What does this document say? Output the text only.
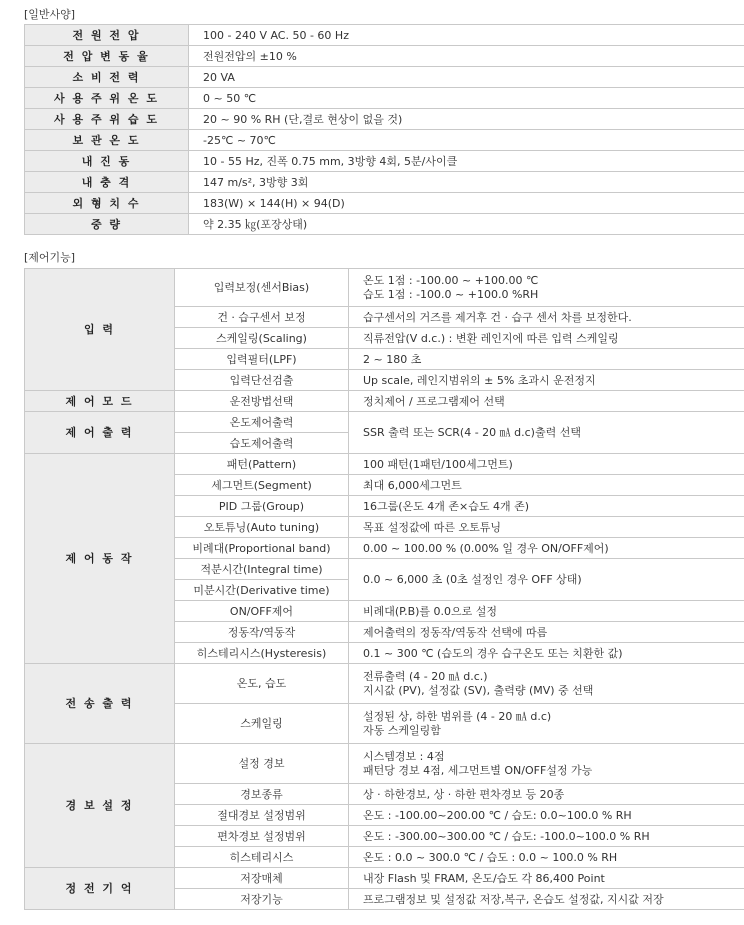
[일반사양]
전 원 전 압	100 - 240 V AC. 50 - 60 Hz
전 압 변 동 율	전원전압의 ±10 %
소 비 전 력	20 VA
사 용 주 위 온 도	0 ~ 50 ℃
사 용 주 위 습 도	20 ~ 90 % RH (단,결로 현상이 없을 것)
보 관 온 도	-25℃ ~ 70℃
내 진 동	10 - 55 Hz, 진폭 0.75 mm, 3방향 4회, 5분/사이클
내 충 격	147 m/s², 3방향 3회
외 형 치 수	183(W) × 144(H) × 94(D)
중 량	약 2.35 ㎏(포장상태)
[제어기능]
입 력	입력보정(센서Bias)	온도 1점 : -100.00 ~ +100.00 ℃
습도 1점 : -100.0 ~ +100.0 %RH
	건 · 습구센서 보정	습구센서의 거즈를 제거후 건 · 습구 센서 차를 보정한다.
	스케일링(Scaling)	직류전압(V d.c.) : 변환 레인지에 따른 입력 스케일링
	입력필터(LPF)	2 ~ 180 초
	입력단선검출	Up scale, 레인지범위의 ± 5% 초과시 운전정지
제 어 모 드	운전방법선택	정치제어 / 프로그램제어 선택
제 어 출 력	온도제어출력	SSR 출력 또는 SCR(4 - 20 ㎃ d.c)출력 선택
	습도제어출력	
제 어 동 작	패턴(Pattern)	100 패턴(1패턴/100세그먼트)
	세그먼트(Segment)	최대 6,000세그먼트
	PID 그룹(Group)	16그룹(온도 4개 존×습도 4개 존)
	오토튜닝(Auto tuning)	목표 설정값에 따른 오토튜닝
	비례대(Proportional band)	0.00 ~ 100.00 % (0.00% 일 경우 ON/OFF제어)
	적분시간(Integral time)	0.0 ~ 6,000 초 (0초 설정인 경우 OFF 상태)
	미분시간(Derivative time)	
	ON/OFF제어	비례대(P.B)를 0.0으로 설정
	정동작/역동작	제어출력의 정동작/역동작 선택에 따름
	히스테리시스(Hysteresis)	0.1 ~ 300 ℃ (습도의 경우 습구온도 또는 치환한 값)
전 송 출 력	온도, 습도	전류출력 (4 - 20 ㎃ d.c.)
지시값 (PV), 설정값 (SV), 출력량 (MV) 중 선택
	스케일링	설정된 상, 하한 범위를 (4 - 20 ㎃ d.c)
자동 스케일링함
경 보 설 정	설정 경보	시스템경보 : 4점
패턴당 경보 4점, 세그먼트별 ON/OFF설정 가능
	경보종류	상 · 하한경보, 상 · 하한 편차경보 등 20종
	절대경보 설정범위	온도 : -100.00~200.00 ℃ / 습도: 0.0~100.0 % RH
	편차경보 설정범위	온도 : -300.00~300.00 ℃ / 습도: -100.0~100.0 % RH
	히스테리시스	온도 : 0.0 ~ 300.0 ℃ / 습도 : 0.0 ~ 100.0 % RH
정 전 기 억	저장매체	내장 Flash 및 FRAM, 온도/습도 각 86,400 Point
	저장기능	프로그램정보 및 설정값 저장,복구, 온습도 설정값, 지시값 저장
